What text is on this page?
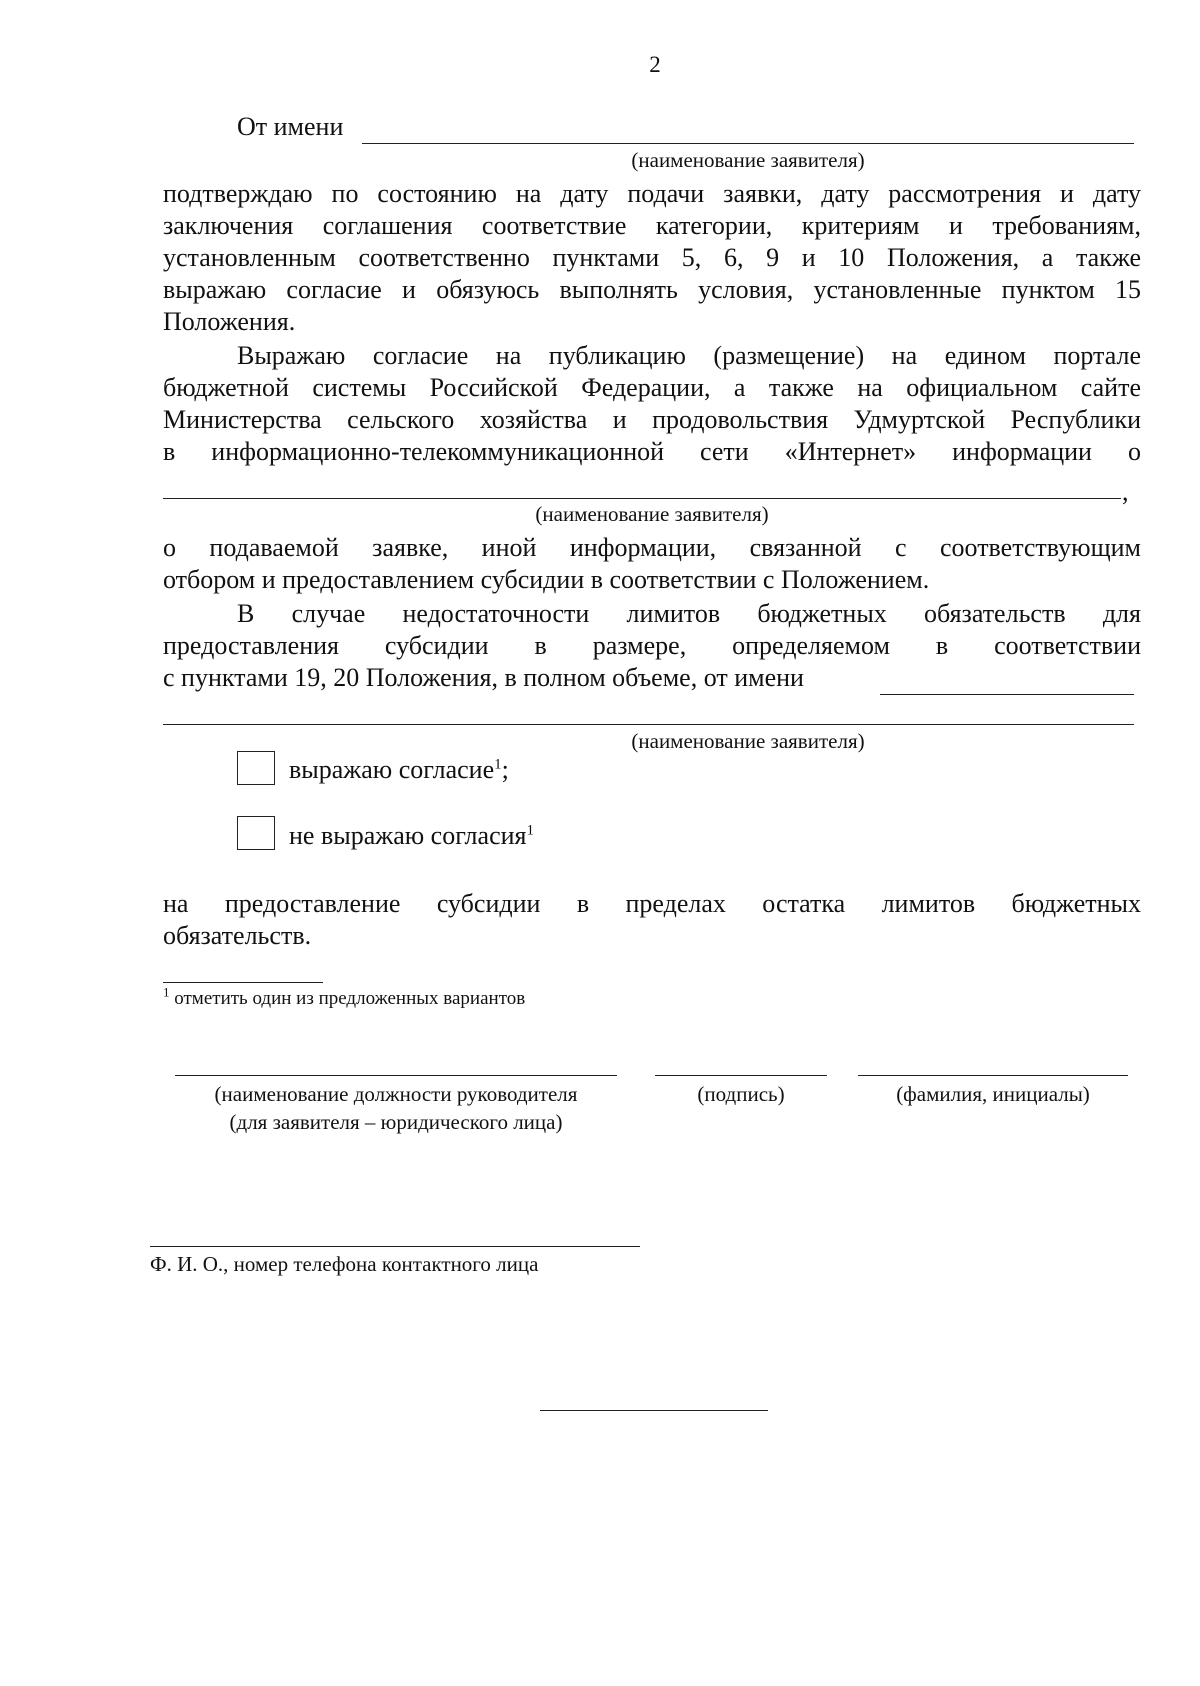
2
От имени
(наименование заявителя)
подтверждаю по состоянию на дату подачи заявки, дату рассмотрения и дату
заключения соглашения соответствие категории, критериям и требованиям,
установленным соответственно пунктами 5, 6, 9 и 10 Положения, а также
выражаю согласие и обязуюсь выполнять условия, установленные пунктом 15
Положения.
Выражаю согласие на публикацию (размещение) на едином портале
бюджетной системы Российской Федерации, а также на официальном сайте
Министерства сельского хозяйства и продовольствия Удмуртской Республики
в информационно-телекоммуникационной сети «Интернет» информации о
,
(наименование заявителя)
о подаваемой заявке, иной информации, связанной с соответствующим
отбором и предоставлением субсидии в соответствии с Положением.
В случае недостаточности лимитов бюджетных обязательств для
предоставления субсидии в размере, определяемом в соответствии
с пунктами 19, 20 Положения, в полном объеме, от имени
(наименование заявителя)
выражаю согласие$^1$;
не выражаю согласия$^1$
на предоставление субсидии в пределах остатка лимитов бюджетных
обязательств.
$^1$ отметить один из предложенных вариантов
(наименование должности руководителя
(для заявителя – юридического лица)
(подпись)	(фамилия, инициалы)
Ф. И. О., номер телефона контактного лица
